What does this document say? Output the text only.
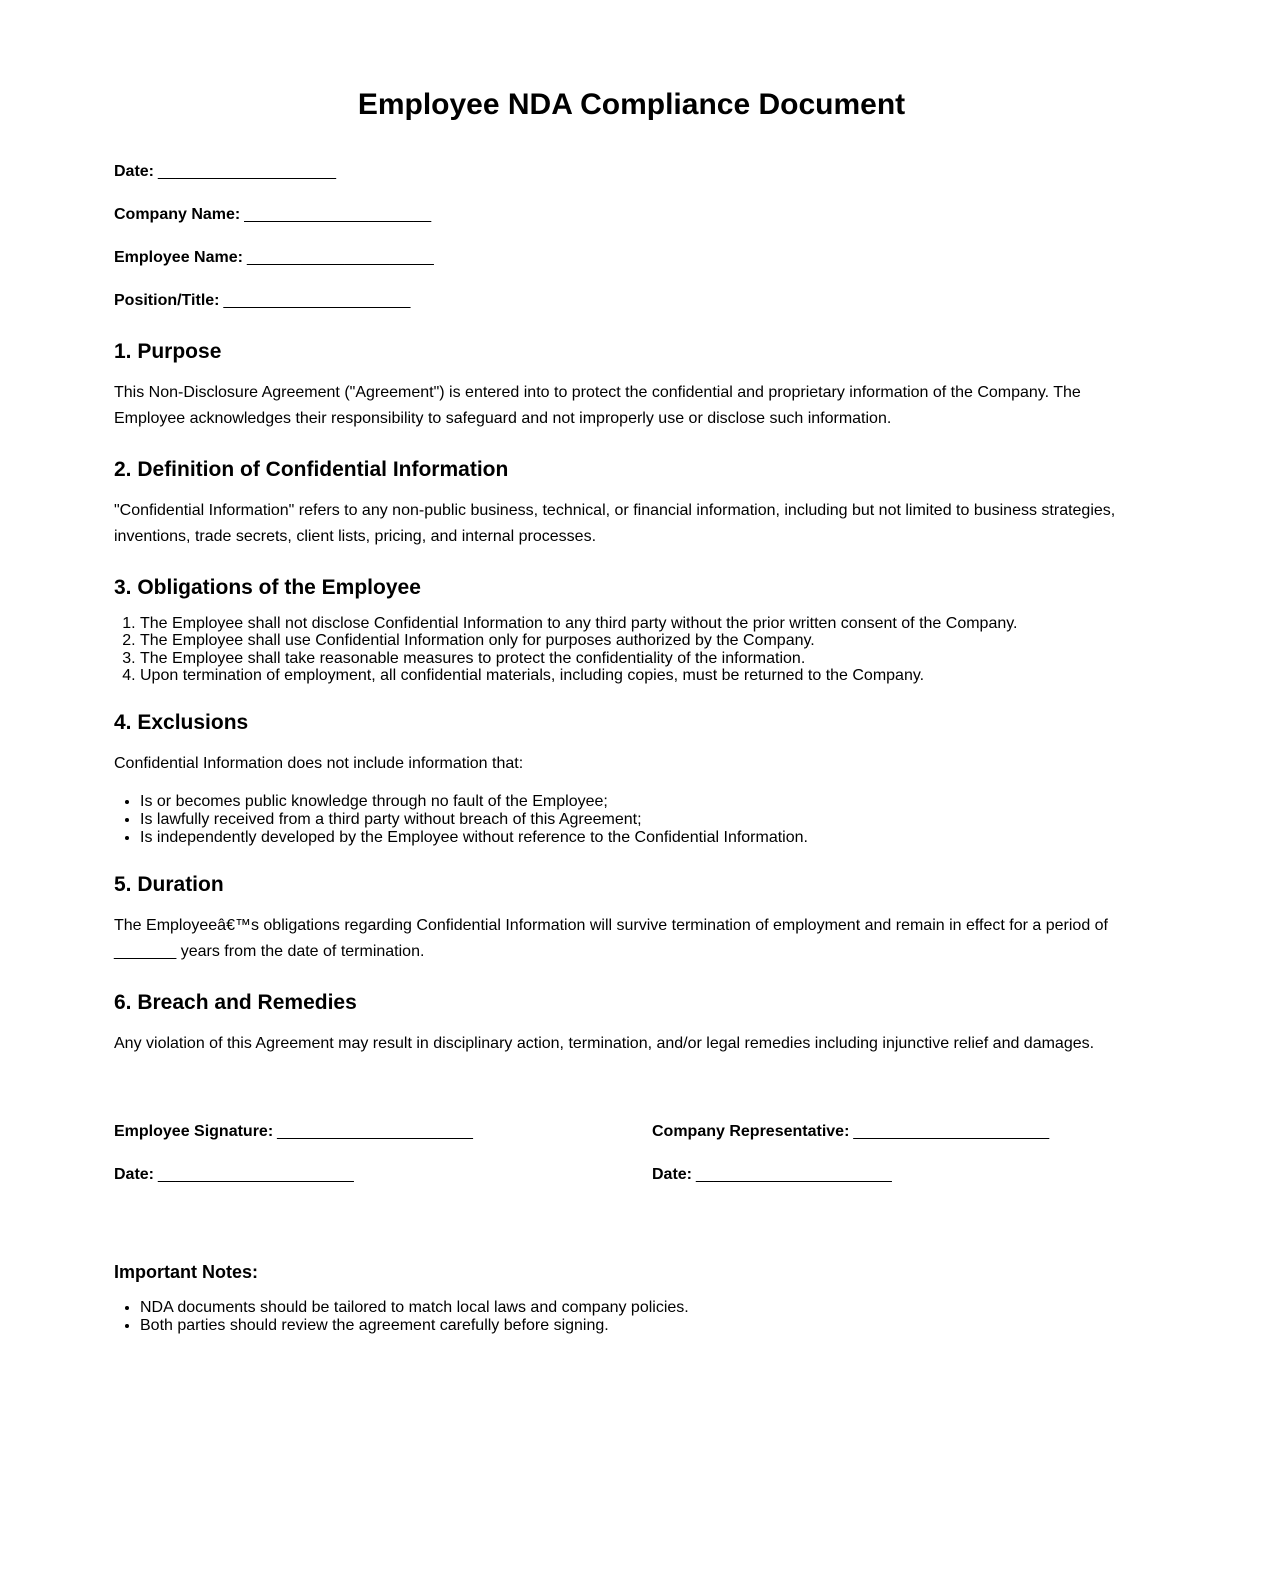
Employee NDA Compliance Document

Date: ____________________

Company Name: _____________________

Employee Name: _____________________

Position/Title: _____________________

1. Purpose

This Non-Disclosure Agreement ("Agreement") is entered into to protect the confidential and proprietary information of the Company. The Employee acknowledges their responsibility to safeguard and not improperly use or disclose such information.

2. Definition of Confidential Information

"Confidential Information" refers to any non-public business, technical, or financial information, including but not limited to business strategies, inventions, trade secrets, client lists, pricing, and internal processes.

3. Obligations of the Employee
1. The Employee shall not disclose Confidential Information to any third party without the prior written consent of the Company.
2. The Employee shall use Confidential Information only for purposes authorized by the Company.
3. The Employee shall take reasonable measures to protect the confidentiality of the information.
4. Upon termination of employment, all confidential materials, including copies, must be returned to the Company.
4. Exclusions

Confidential Information does not include information that:

• Is or becomes public knowledge through no fault of the Employee;
• Is lawfully received from a third party without breach of this Agreement;
• Is independently developed by the Employee without reference to the Confidential Information.
5. Duration

The Employeeâ€™s obligations regarding Confidential Information will survive termination of employment and remain in effect for a period of _______ years from the date of termination.

6. Breach and Remedies

Any violation of this Agreement may result in disciplinary action, termination, and/or legal remedies including injunctive relief and damages.

Employee Signature: ______________________

Date: ______________________

Company Representative: ______________________

Date: ______________________

Important Notes:
• NDA documents should be tailored to match local laws and company policies.
• Both parties should review the agreement carefully before signing.
